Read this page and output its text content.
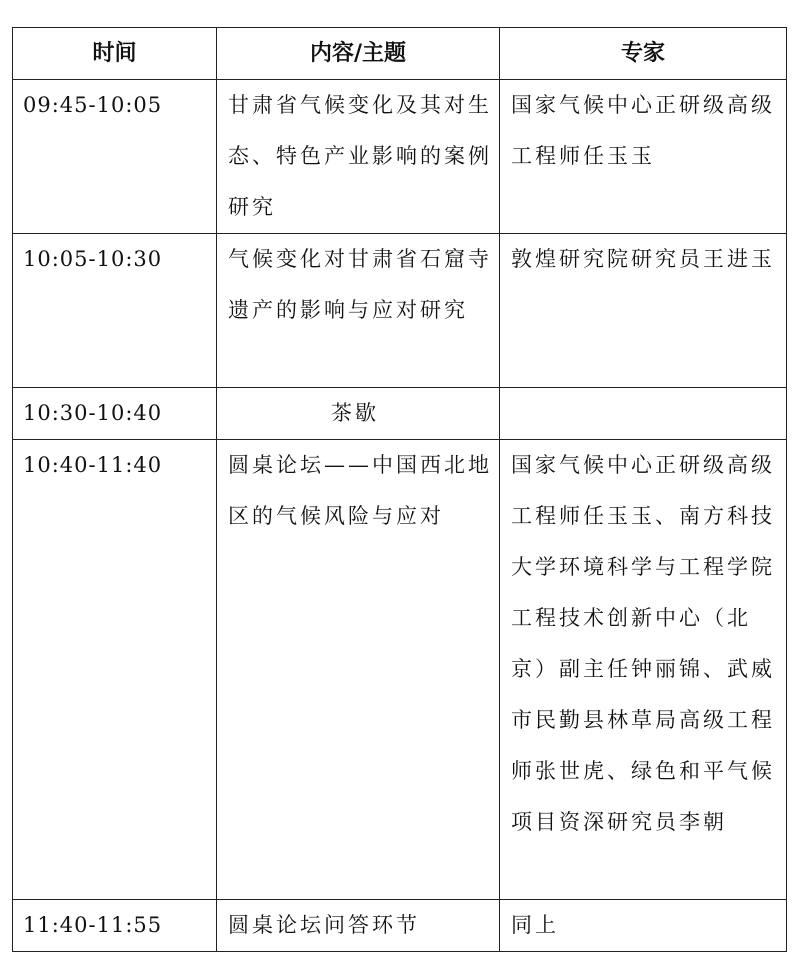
时间	内容/主题	专家

09:45-10:05	甘肃省气候变化及其对生态、特色产业影响的案例研究	国家气候中心正研级高级工程师任玉玉

10:05-10:30	气候变化对甘肃省石窟寺遗产的影响与应对研究	敦煌研究院研究员王进玉

10:30-10:40	茶歇	

10:40-11:40	圆桌论坛——中国西北地区的气候风险与应对	国家气候中心正研级高级工程师任玉玉、南方科技大学环境科学与工程学院工程技术创新中心（北京）副主任钟丽锦、武威市民勤县林草局高级工程师张世虎、绿色和平气候项目资深研究员李朝

11:40-11:55	圆桌论坛问答环节	同上
